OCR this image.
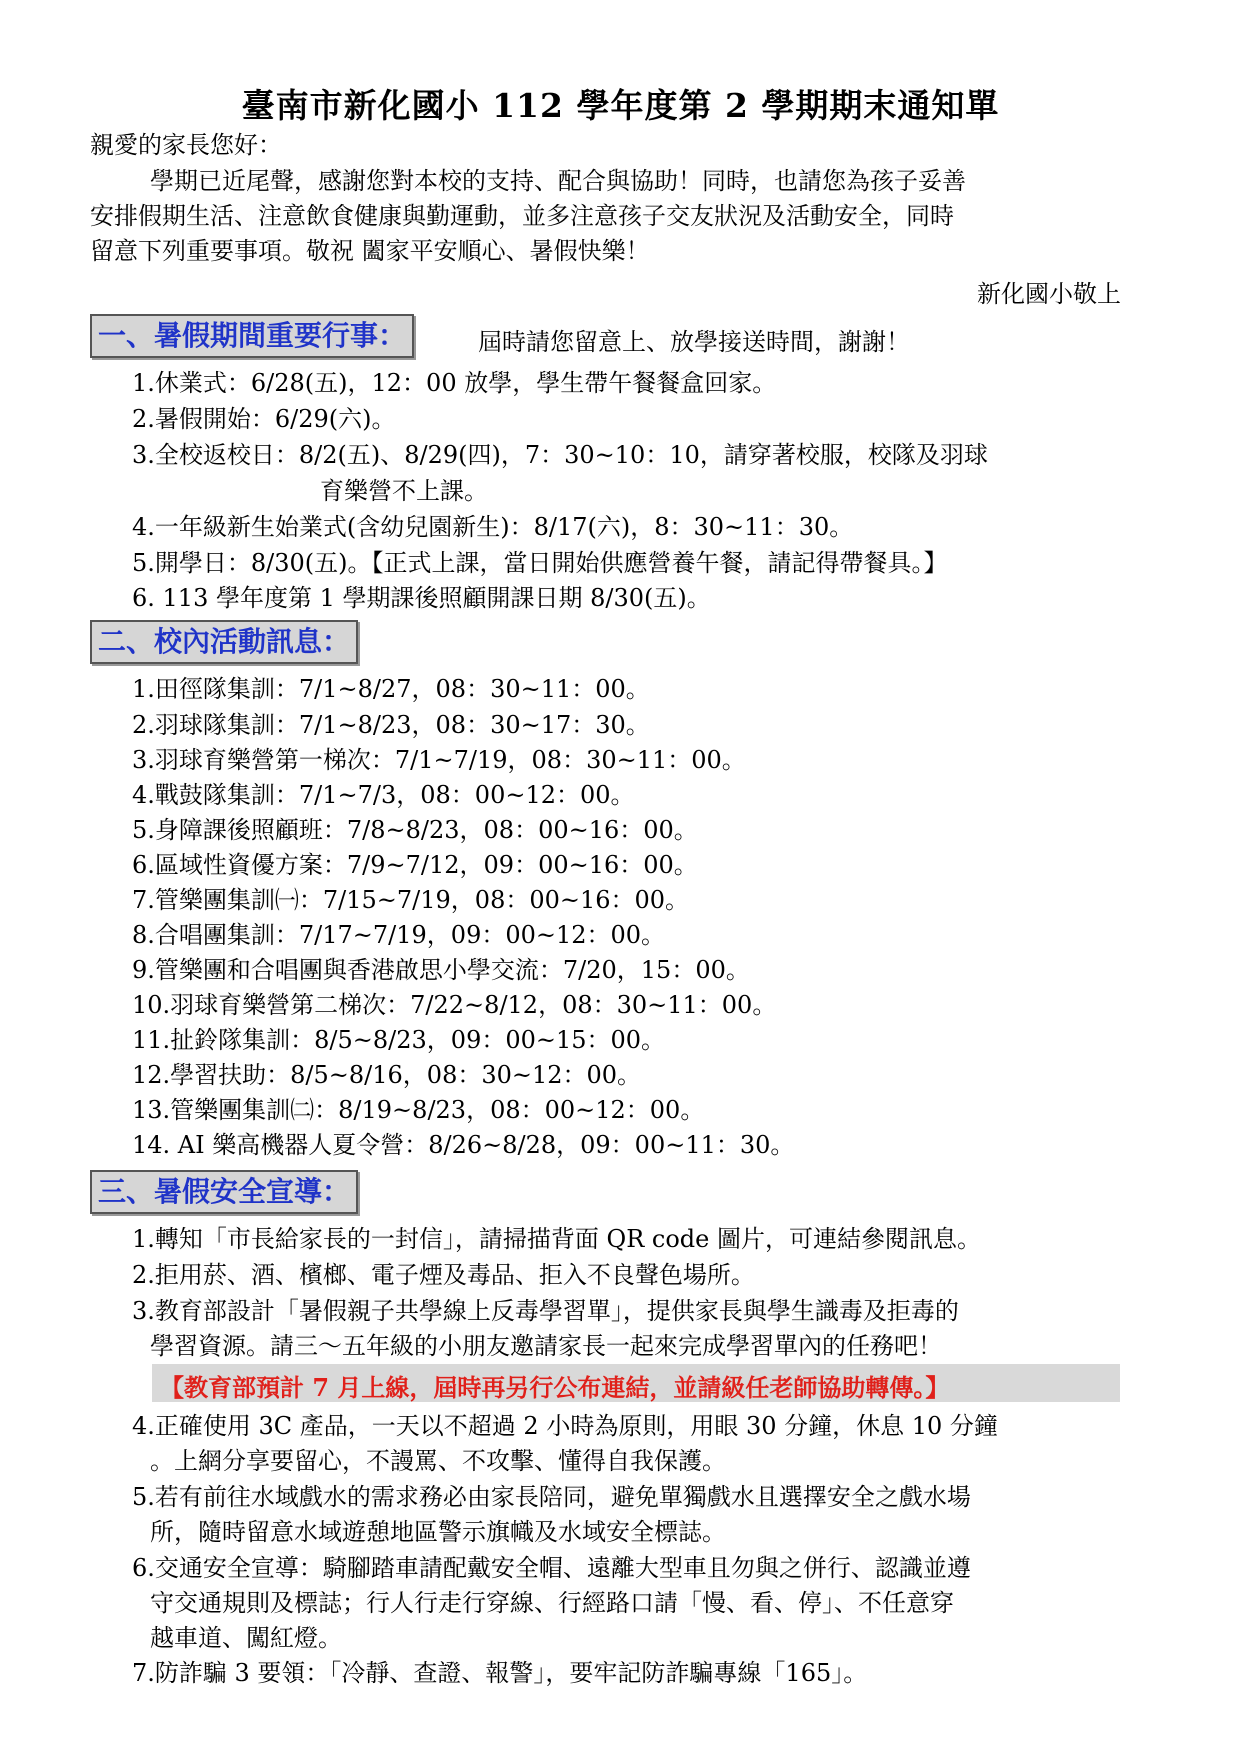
臺南市新化國小 112 學年度第 2 學期期末通知單
親愛的家長您好：
學期已近尾聲，感謝您對本校的支持、配合與協助！同時，也請您為孩子妥善
安排假期生活、注意飲食健康與勤運動，並多注意孩子交友狀況及活動安全，同時
留意下列重要事項。敬祝 闔家平安順心、暑假快樂！
新化國小敬上
一、暑假期間重要行事：	屆時請您留意上、放學接送時間，謝謝！
1.休業式：6/28(五)，12：00 放學，學生帶午餐餐盒回家。
2.暑假開始：6/29(六)。
3.全校返校日：8/2(五)、8/29(四)，7：30~10：10，請穿著校服，校隊及羽球
育樂營不上課。
4.一年級新生始業式(含幼兒園新生)：8/17(六)，8：30~11：30。
5.開學日：8/30(五)。【正式上課，當日開始供應營養午餐，請記得帶餐具。】
6. 113 學年度第 1 學期課後照顧開課日期 8/30(五)。
二、校內活動訊息：
1.田徑隊集訓：7/1~8/27，08：30~11：00。
2.羽球隊集訓：7/1~8/23，08：30~17：30。
3.羽球育樂營第一梯次：7/1~7/19，08：30~11：00。
4.戰鼓隊集訓：7/1~7/3，08：00~12：00。
5.身障課後照顧班：7/8~8/23，08：00~16：00。
6.區域性資優方案：7/9~7/12，09：00~16：00。
7.管樂團集訓㈠：7/15~7/19，08：00~16：00。
8.合唱團集訓：7/17~7/19，09：00~12：00。
9.管樂團和合唱團與香港啟思小學交流：7/20，15：00。
10.羽球育樂營第二梯次：7/22~8/12，08：30~11：00。
11.扯鈴隊集訓：8/5~8/23，09：00~15：00。
12.學習扶助：8/5~8/16，08：30~12：00。
13.管樂團集訓㈡：8/19~8/23，08：00~12：00。
14. AI 樂高機器人夏令營：8/26~8/28，09：00~11：30。
三、暑假安全宣導：
1.轉知「市長給家長的一封信」，請掃描背面 QR code 圖片，可連結參閱訊息。
2.拒用菸、酒、檳榔、電子煙及毒品、拒入不良聲色場所。
3.教育部設計「暑假親子共學線上反毒學習單」，提供家長與學生識毒及拒毒的
學習資源。請三～五年級的小朋友邀請家長一起來完成學習單內的任務吧！
【教育部預計 7 月上線，屆時再另行公布連結，並請級任老師協助轉傳。】
4.正確使用 3C 產品，一天以不超過 2 小時為原則，用眼 30 分鐘，休息 10 分鐘
。上網分享要留心，不謾罵、不攻擊、懂得自我保護。
5.若有前往水域戲水的需求務必由家長陪同，避免單獨戲水且選擇安全之戲水場
所，隨時留意水域遊憩地區警示旗幟及水域安全標誌。
6.交通安全宣導：騎腳踏車請配戴安全帽、遠離大型車且勿與之併行、認識並遵
守交通規則及標誌；行人行走行穿線、行經路口請「慢、看、停」、不任意穿
越車道、闖紅燈。
7.防詐騙 3 要領：「冷靜、查證、報警」，要牢記防詐騙專線「165」。
